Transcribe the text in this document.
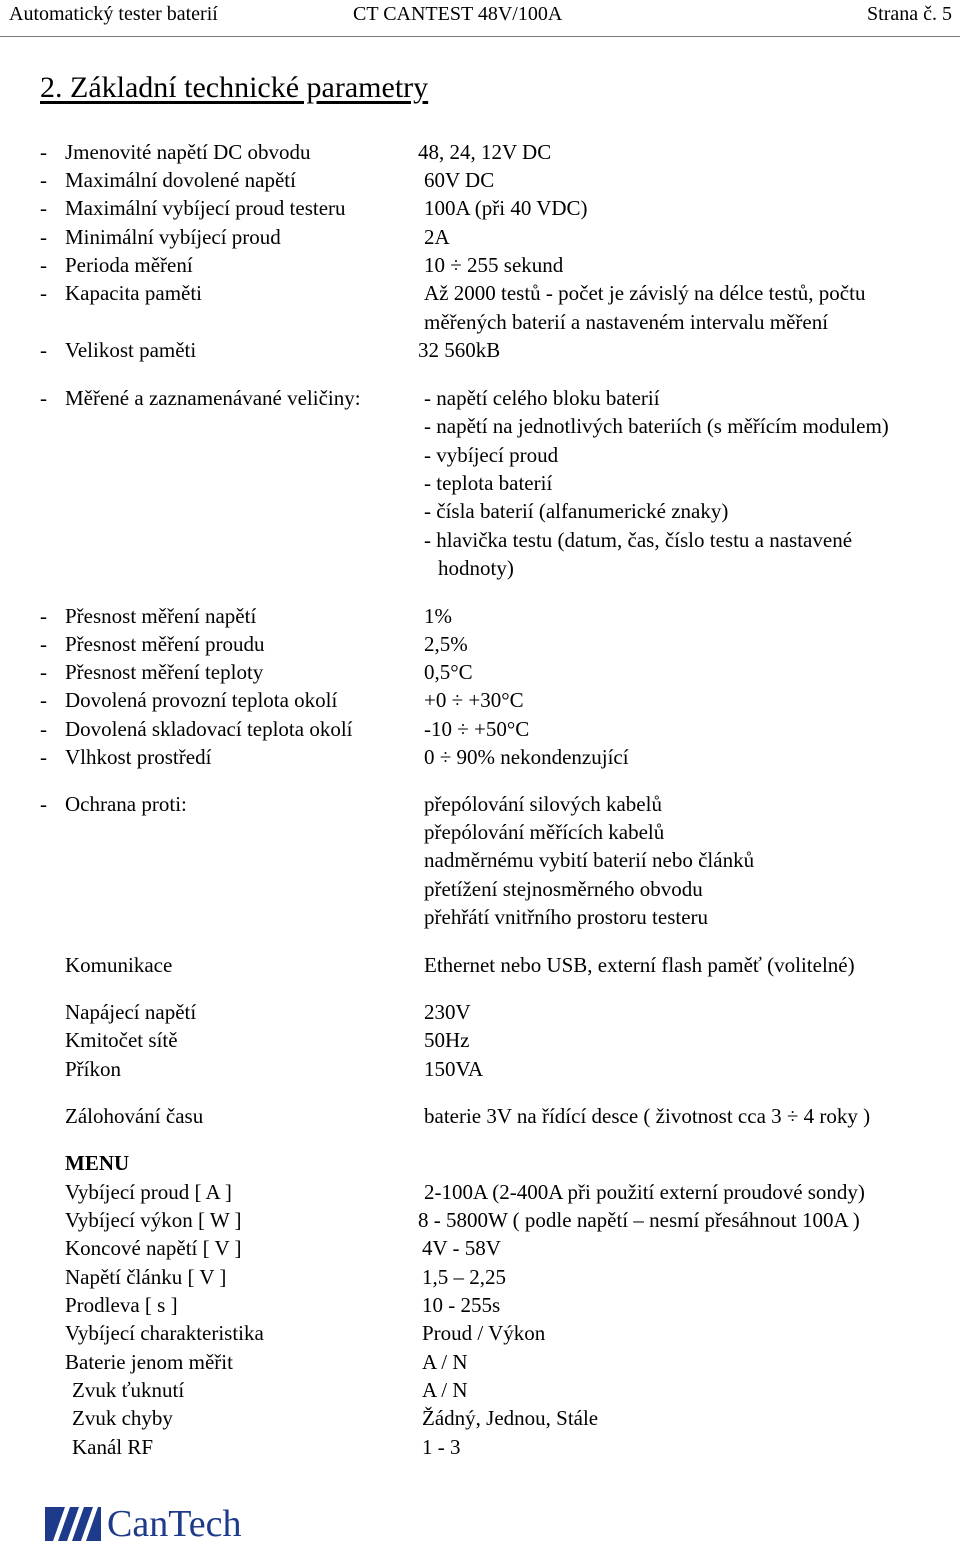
Automatický tester baterií	CT CANTEST 48V/100A	Strana č. 5
2. Základní technické parametry
- Jmenovité napětí DC obvodu	48, 24, 12V DC
- Maximální dovolené napětí	60V DC
- Maximální vybíjecí proud testeru	100A (při 40 VDC)
- Minimální vybíjecí proud	2A
- Perioda měření	10 ÷ 255 sekund
- Kapacita paměti	Až 2000 testů - počet je závislý na délce testů, počtu
měřených baterií a nastaveném intervalu měření
- Velikost paměti	32 560kB
- Měřené a zaznamenávané veličiny:	- napětí celého bloku baterií
- napětí na jednotlivých bateriích (s měřícím modulem)
- vybíjecí proud
- teplota baterií
- čísla baterií (alfanumerické znaky)
- hlavička testu (datum, čas, číslo testu a nastavené
hodnoty)
- Přesnost měření napětí	1%
- Přesnost měření proudu	2,5%
- Přesnost měření teploty	0,5°C
- Dovolená provozní teplota okolí	+0 ÷ +30°C
- Dovolená skladovací teplota okolí	-10 ÷ +50°C
- Vlhkost prostředí	0 ÷ 90% nekondenzující
- Ochrana proti:	přepólování silových kabelů
přepólování měřících kabelů
nadměrnému vybití baterií nebo článků
přetížení stejnosměrného obvodu
přehřátí vnitřního prostoru testeru
Komunikace	Ethernet nebo USB, externí flash paměť (volitelné)
Napájecí napětí	230V
Kmitočet sítě	50Hz
Příkon	150VA
Zálohování času	baterie 3V na řídící desce ( životnost cca 3 ÷ 4 roky )
MENU
Vybíjecí proud [ A ]	2-100A (2-400A při použití externí proudové sondy)
Vybíjecí výkon [ W ]	8 - 5800W ( podle napětí – nesmí přesáhnout 100A )
Koncové napětí [ V ]	4V - 58V
Napětí článku [ V ]	1,5 – 2,25
Prodleva [ s ]	10 - 255s
Vybíjecí charakteristika	Proud / Výkon
Baterie jenom měřit	A / N
Zvuk ťuknutí	A / N
Zvuk chyby	Žádný, Jednou, Stále
Kanál RF	1 - 3
CanTech
